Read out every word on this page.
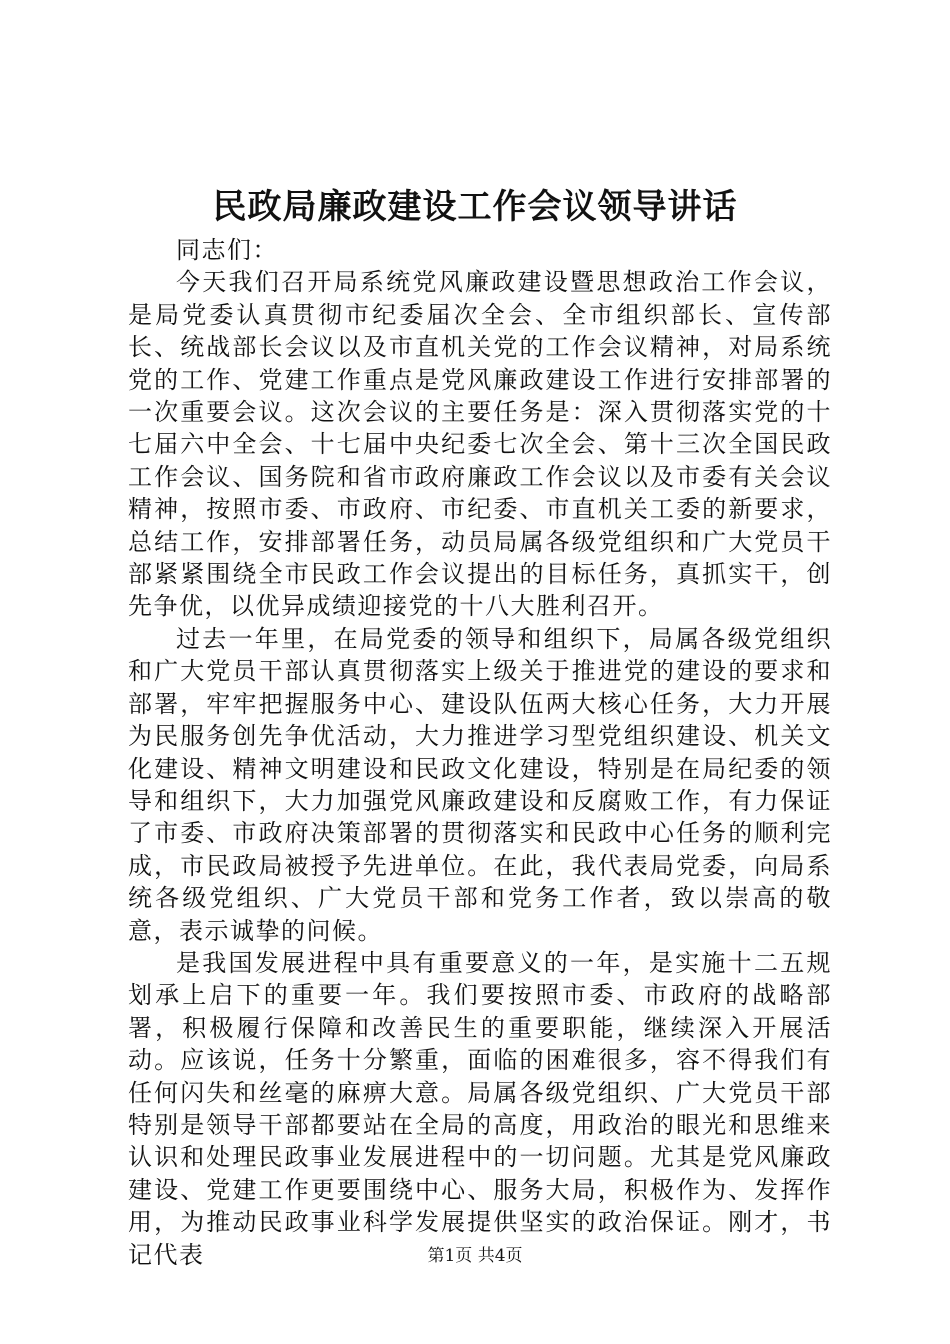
民政局廉政建设工作会议领导讲话

同志们：

今天我们召开局系统党风廉政建设暨思想政治工作会议，是局党委认真贯彻市纪委届次全会、全市组织部长、宣传部长、统战部长会议以及市直机关党的工作会议精神，对局系统党的工作、党建工作重点是党风廉政建设工作进行安排部署的一次重要会议。这次会议的主要任务是：深入贯彻落实党的十七届六中全会、十七届中央纪委七次全会、第十三次全国民政工作会议、国务院和省市政府廉政工作会议以及市委有关会议精神，按照市委、市政府、市纪委、市直机关工委的新要求，总结工作，安排部署任务，动员局属各级党组织和广大党员干部紧紧围绕全市民政工作会议提出的目标任务，真抓实干，创先争优，以优异成绩迎接党的十八大胜利召开。

过去一年里，在局党委的领导和组织下，局属各级党组织和广大党员干部认真贯彻落实上级关于推进党的建设的要求和部署，牢牢把握服务中心、建设队伍两大核心任务，大力开展为民服务创先争优活动，大力推进学习型党组织建设、机关文化建设、精神文明建设和民政文化建设，特别是在局纪委的领导和组织下，大力加强党风廉政建设和反腐败工作，有力保证了市委、市政府决策部署的贯彻落实和民政中心任务的顺利完成，市民政局被授予先进单位。在此，我代表局党委，向局系统各级党组织、广大党员干部和党务工作者，致以崇高的敬意，表示诚挚的问候。

是我国发展进程中具有重要意义的一年，是实施十二五规划承上启下的重要一年。我们要按照市委、市政府的战略部署，积极履行保障和改善民生的重要职能，继续深入开展活动。应该说，任务十分繁重，面临的困难很多，容不得我们有任何闪失和丝毫的麻痹大意。局属各级党组织、广大党员干部特别是领导干部都要站在全局的高度，用政治的眼光和思维来认识和处理民政事业发展进程中的一切问题。尤其是党风廉政建设、党建工作更要围绕中心、服务大局，积极作为、发挥作用，为推动民政事业科学发展提供坚实的政治保证。刚才，书记代表	第1页 共4页
